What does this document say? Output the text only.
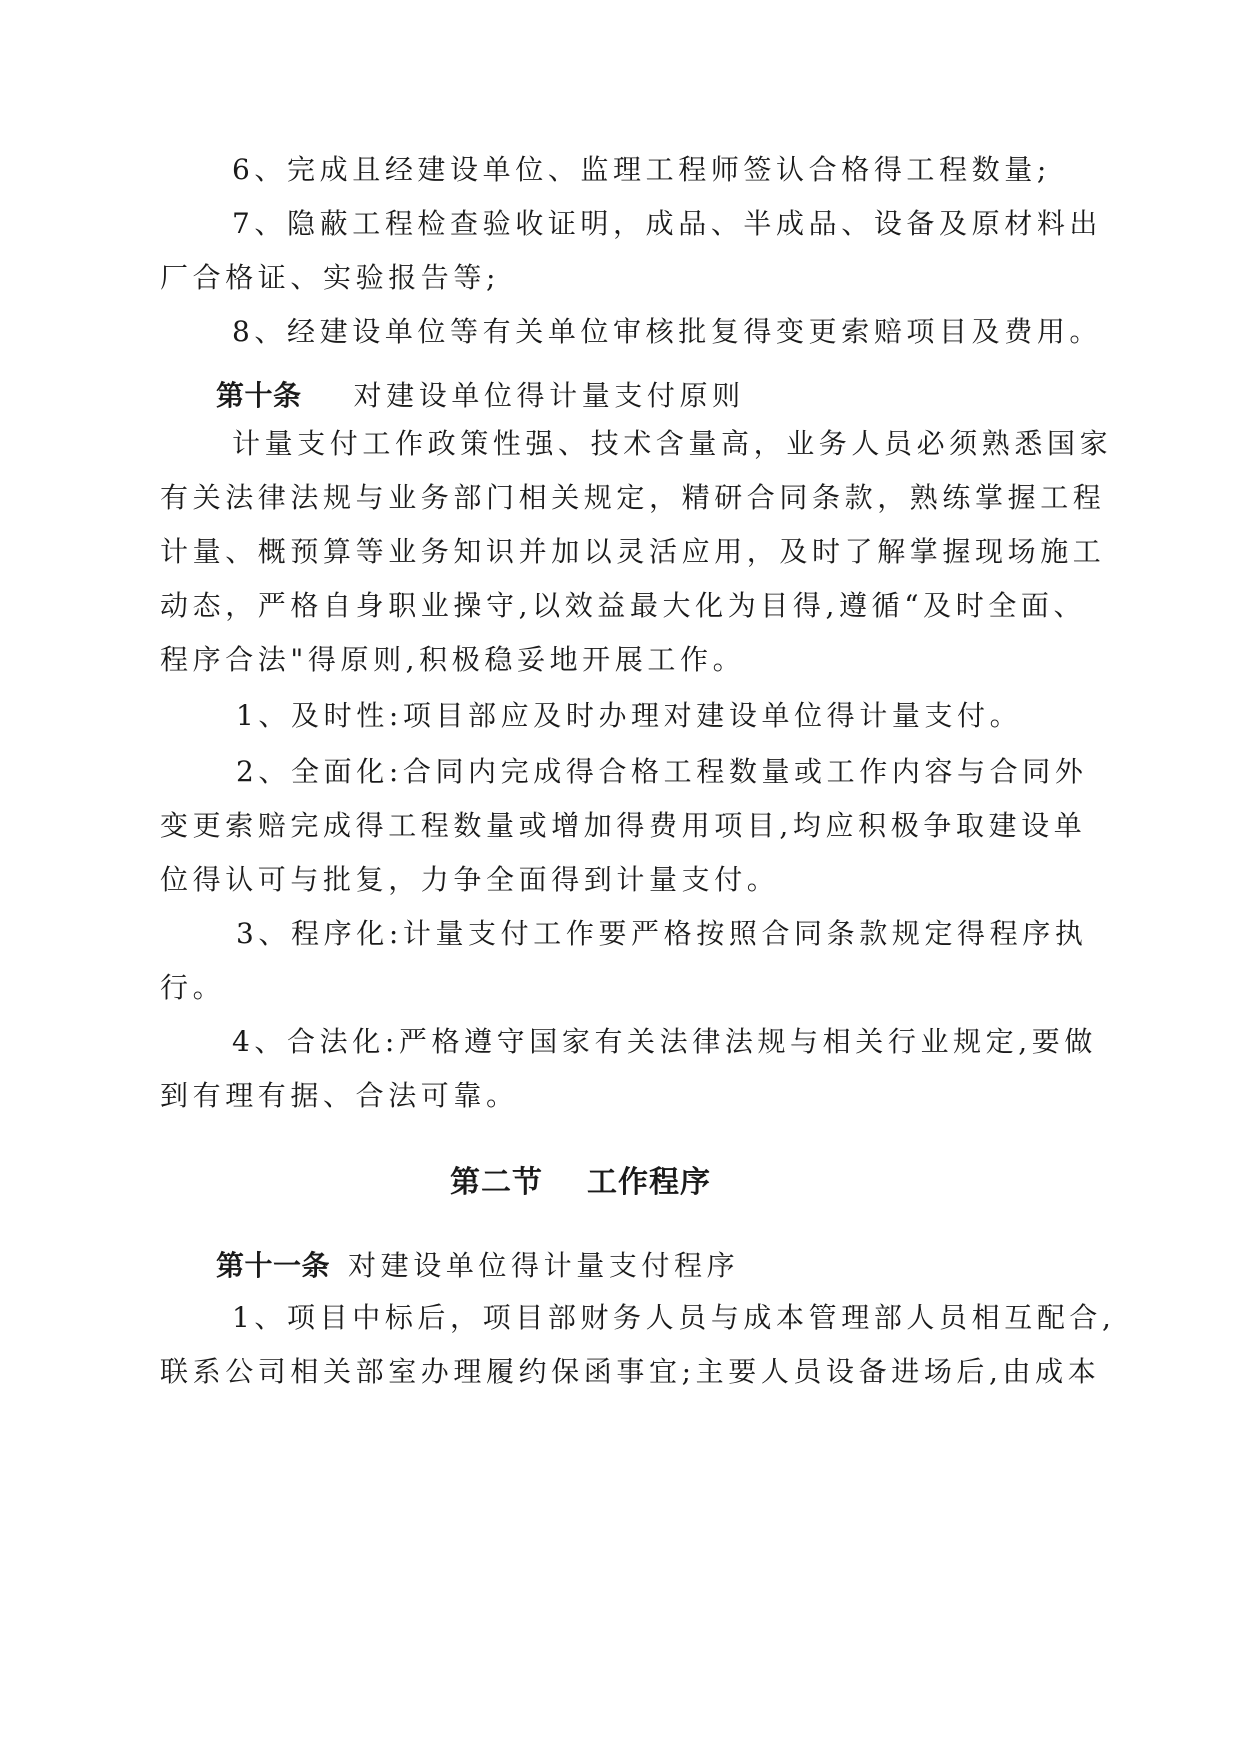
6、完成且经建设单位、监理工程师签认合格得工程数量;
7、隐蔽工程检查验收证明，成品、半成品、设备及原材料出
厂合格证、实验报告等;
8、经建设单位等有关单位审核批复得变更索赔项目及费用。
第十条 对建设单位得计量支付原则
计量支付工作政策性强、技术含量高，业务人员必须熟悉国家
有关法律法规与业务部门相关规定，精研合同条款，熟练掌握工程
计量、概预算等业务知识并加以灵活应用，及时了解掌握现场施工
动态，严格自身职业操守,以效益最大化为目得,遵循“及时全面、
程序合法"得原则,积极稳妥地开展工作。
1、及时性:项目部应及时办理对建设单位得计量支付。
2、全面化:合同内完成得合格工程数量或工作内容与合同外
变更索赔完成得工程数量或增加得费用项目,均应积极争取建设单
位得认可与批复，力争全面得到计量支付。
3、程序化:计量支付工作要严格按照合同条款规定得程序执
行。
4、合法化:严格遵守国家有关法律法规与相关行业规定,要做
到有理有据、合法可靠。
第二节 工作程序
第十一条 对建设单位得计量支付程序
1、项目中标后，项目部财务人员与成本管理部人员相互配合,
联系公司相关部室办理履约保函事宜;主要人员设备进场后,由成本
